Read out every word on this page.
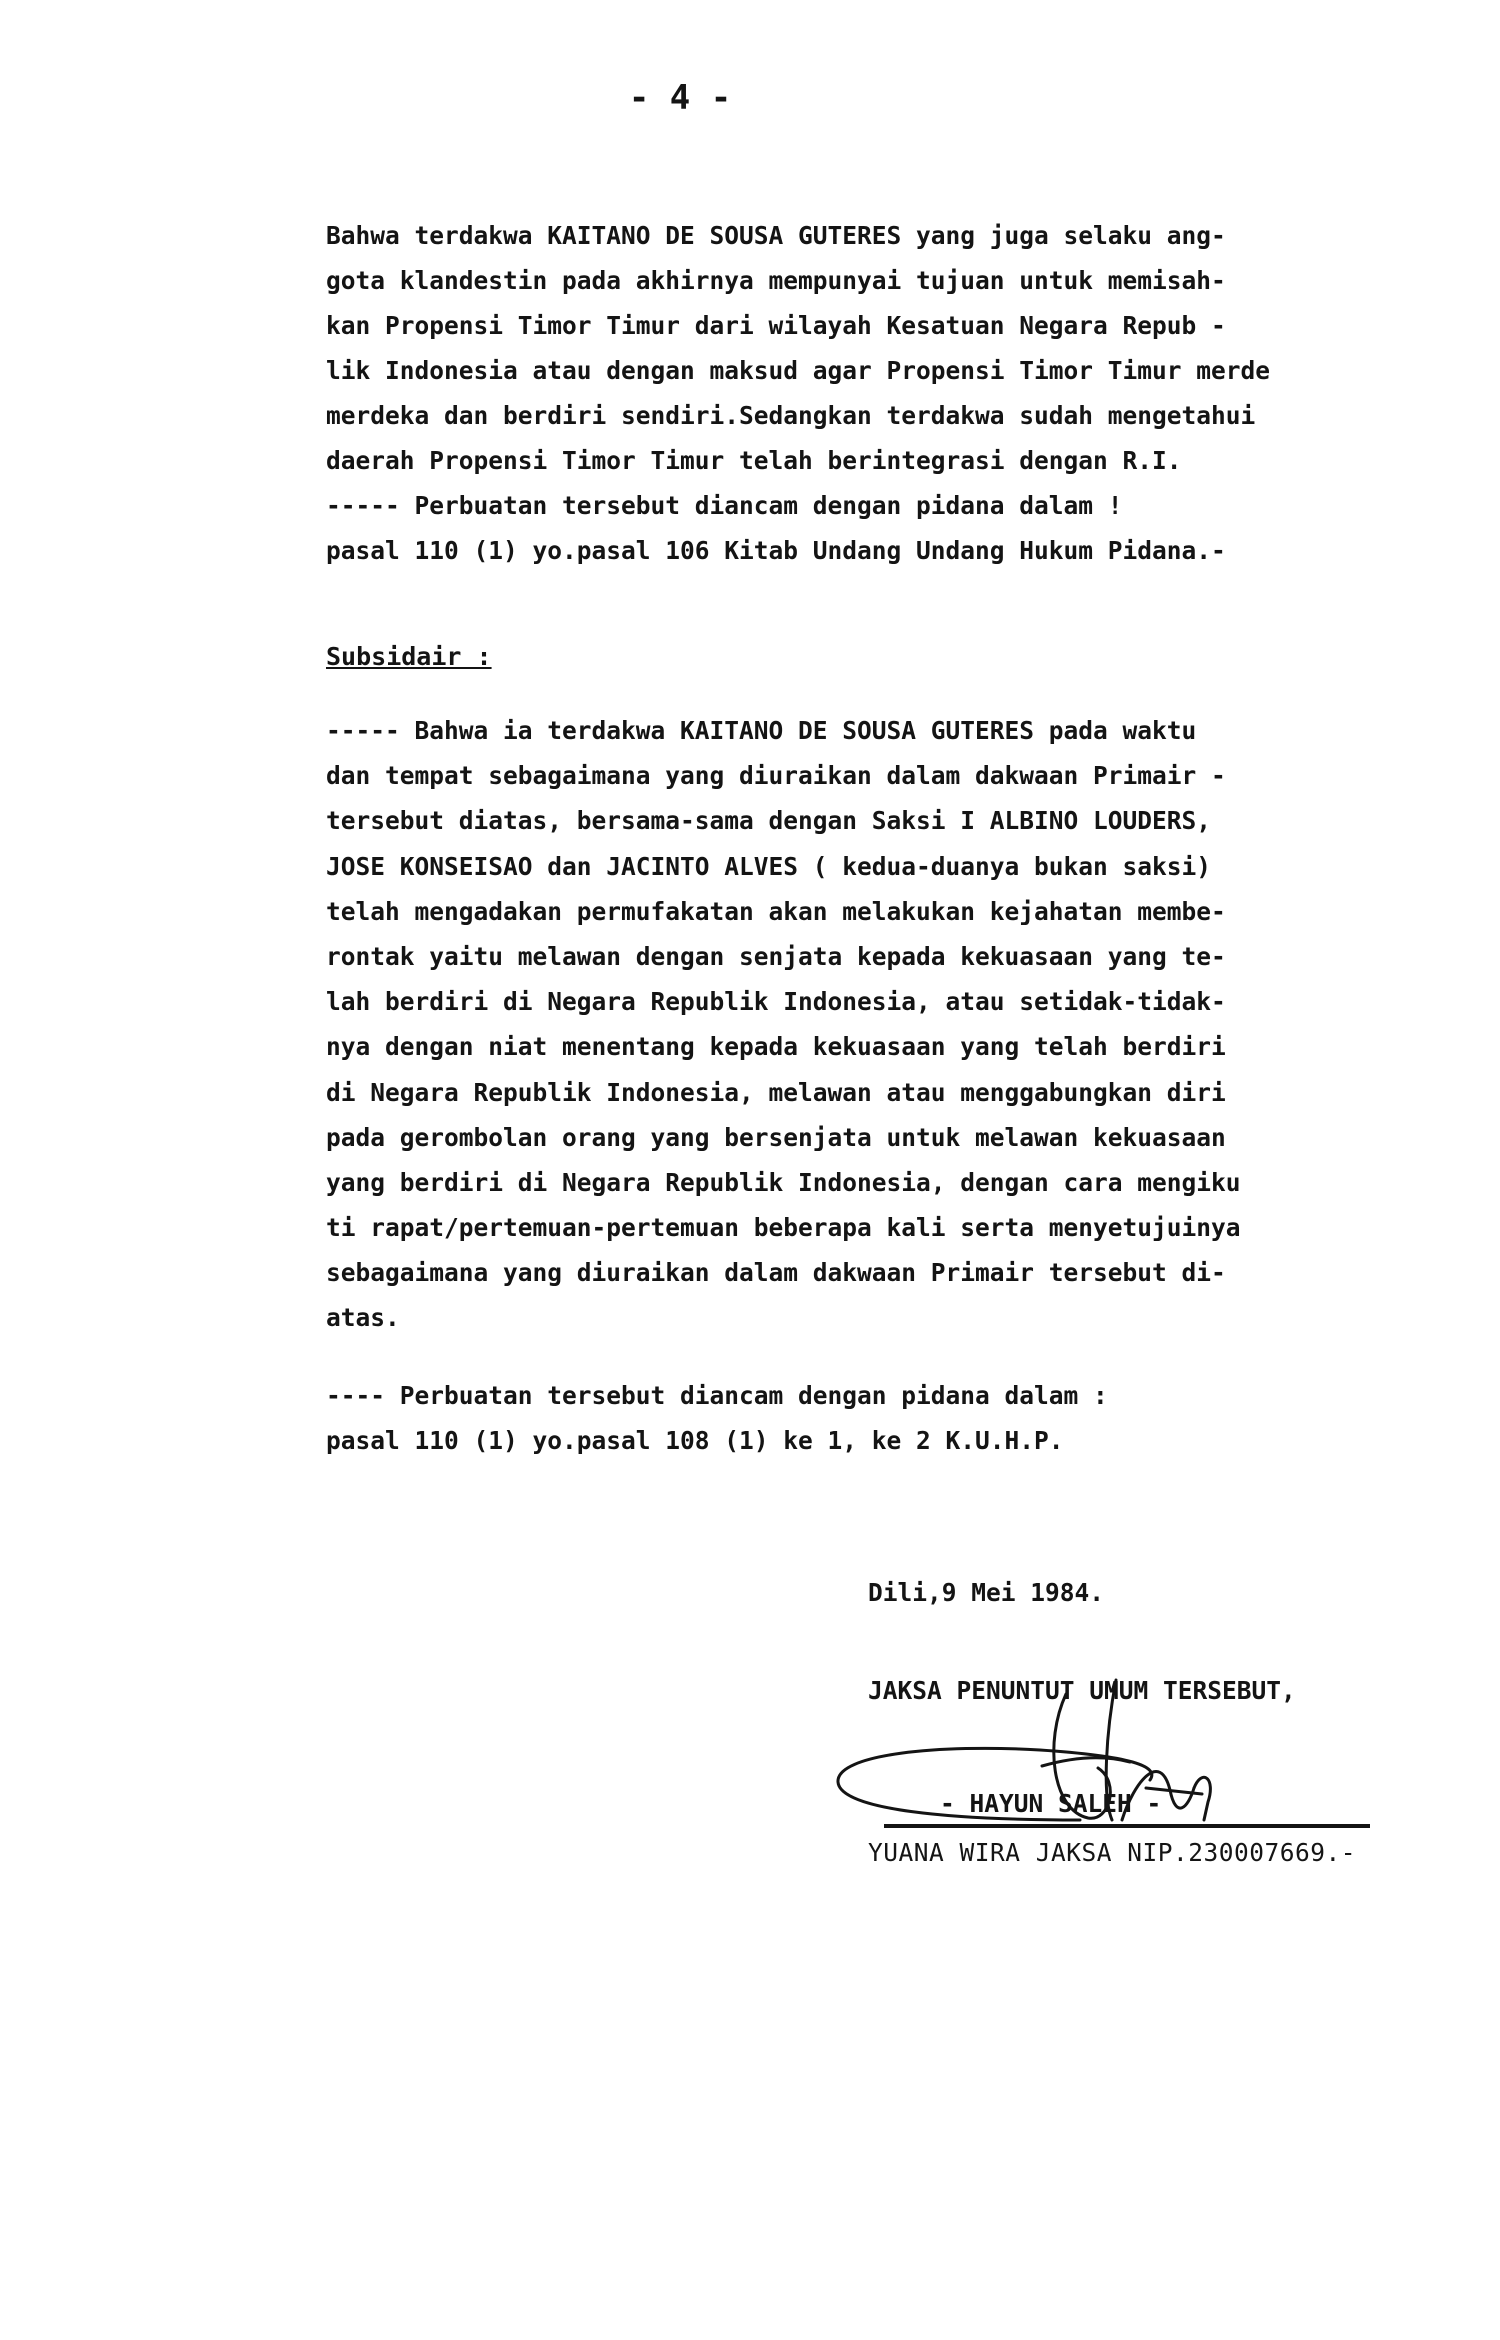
- 4 -
Bahwa terdakwa KAITANO DE SOUSA GUTERES yang juga selaku ang-
gota klandestin pada akhirnya mempunyai tujuan untuk memisah-
kan Propensi Timor Timur dari wilayah Kesatuan Negara Repub -
lik Indonesia atau dengan maksud agar Propensi Timor Timur merde
merdeka dan berdiri sendiri.Sedangkan terdakwa sudah mengetahui
daerah Propensi Timor Timur telah berintegrasi dengan R.I.
----- Perbuatan tersebut diancam dengan pidana dalam !
pasal 110 (1) yo.pasal 106 Kitab Undang Undang Hukum Pidana.-
Subsidair :
----- Bahwa ia terdakwa KAITANO DE SOUSA GUTERES pada waktu
dan tempat sebagaimana yang diuraikan dalam dakwaan Primair -
tersebut diatas, bersama-sama dengan Saksi I ALBINO LOUDERS,
JOSE KONSEISAO dan JACINTO ALVES ( kedua-duanya bukan saksi)
telah mengadakan permufakatan akan melakukan kejahatan membe-
rontak yaitu melawan dengan senjata kepada kekuasaan yang te-
lah berdiri di Negara Republik Indonesia, atau setidak-tidak-
nya dengan niat menentang kepada kekuasaan yang telah berdiri
di Negara Republik Indonesia, melawan atau menggabungkan diri
pada gerombolan orang yang bersenjata untuk melawan kekuasaan
yang berdiri di Negara Republik Indonesia, dengan cara mengiku
ti rapat/pertemuan-pertemuan beberapa kali serta menyetujuinya
sebagaimana yang diuraikan dalam dakwaan Primair tersebut di-
atas.
---- Perbuatan tersebut diancam dengan pidana dalam :
pasal 110 (1) yo.pasal 108 (1) ke 1, ke 2 K.U.H.P.
Dili,9 Mei 1984.
JAKSA PENUNTUT UMUM TERSEBUT,
- HAYUN SALEH -
YUANA WIRA JAKSA NIP.230007669.-
